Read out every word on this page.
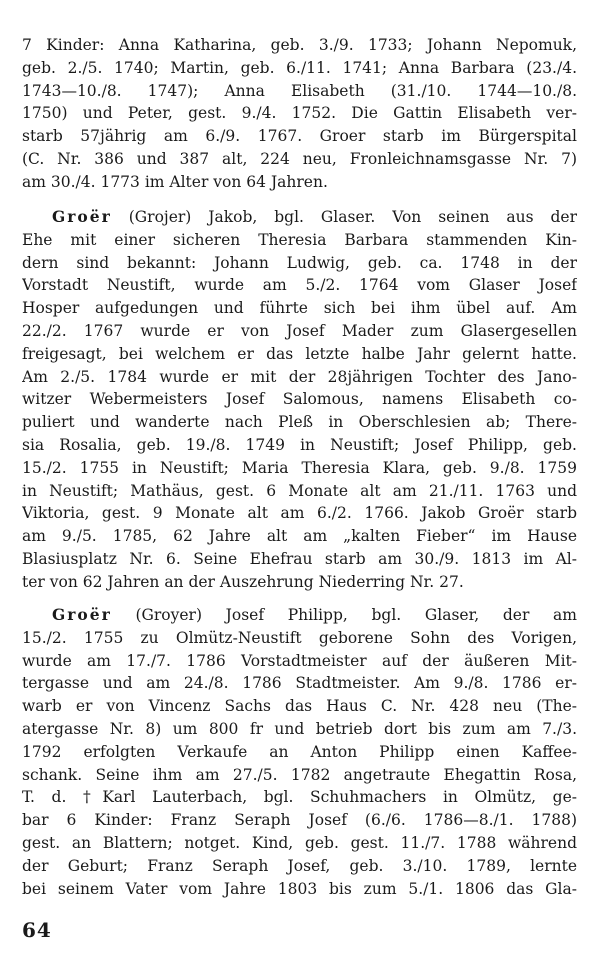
7 Kinder: Anna Katharina, geb. 3./9. 1733; Johann Nepomuk,
geb. 2./5. 1740; Martin, geb. 6./11. 1741; Anna Barbara (23./4.
1743—10./8. 1747); Anna Elisabeth (31./10. 1744—10./8.
1750) und Peter, gest. 9./4. 1752. Die Gattin Elisabeth ver-
starb 57jährig am 6./9. 1767. Groer starb im Bürgerspital
(C. Nr. 386 und 387 alt, 224 neu, Fronleichnamsgasse Nr. 7)
am 30./4. 1773 im Alter von 64 Jahren.
Groër (Grojer) Jakob, bgl. Glaser. Von seinen aus der
Ehe mit einer sicheren Theresia Barbara stammenden Kin-
dern sind bekannt: Johann Ludwig, geb. ca. 1748 in der
Vorstadt Neustift, wurde am 5./2. 1764 vom Glaser Josef
Hosper aufgedungen und führte sich bei ihm übel auf. Am
22./2. 1767 wurde er von Josef Mader zum Glasergesellen
freigesagt, bei welchem er das letzte halbe Jahr gelernt hatte.
Am 2./5. 1784 wurde er mit der 28jährigen Tochter des Jano-
witzer Webermeisters Josef Salomous, namens Elisabeth co-
puliert und wanderte nach Pleß in Oberschlesien ab; There-
sia Rosalia, geb. 19./8. 1749 in Neustift; Josef Philipp, geb.
15./2. 1755 in Neustift; Maria Theresia Klara, geb. 9./8. 1759
in Neustift; Mathäus, gest. 6 Monate alt am 21./11. 1763 und
Viktoria, gest. 9 Monate alt am 6./2. 1766. Jakob Groër starb
am 9./5. 1785, 62 Jahre alt am „kalten Fieber“ im Hause
Blasiusplatz Nr. 6. Seine Ehefrau starb am 30./9. 1813 im Al-
ter von 62 Jahren an der Auszehrung Niederring Nr. 27.
Groër (Groyer) Josef Philipp, bgl. Glaser, der am
15./2. 1755 zu Olmütz-Neustift geborene Sohn des Vorigen,
wurde am 17./7. 1786 Vorstadtmeister auf der äußeren Mit-
tergasse und am 24./8. 1786 Stadtmeister. Am 9./8. 1786 er-
warb er von Vincenz Sachs das Haus C. Nr. 428 neu (The-
atergasse Nr. 8) um 800 fr und betrieb dort bis zum am 7./3.
1792 erfolgten Verkaufe an Anton Philipp einen Kaffee-
schank. Seine ihm am 27./5. 1782 angetraute Ehegattin Rosa,
T. d. †Karl Lauterbach, bgl. Schuhmachers in Olmütz, ge-
bar 6 Kinder: Franz Seraph Josef (6./6. 1786—8./1. 1788)
gest. an Blattern; notget. Kind, geb. gest. 11./7. 1788 während
der Geburt; Franz Seraph Josef, geb. 3./10. 1789, lernte
bei seinem Vater vom Jahre 1803 bis zum 5./1. 1806 das Gla-
64
